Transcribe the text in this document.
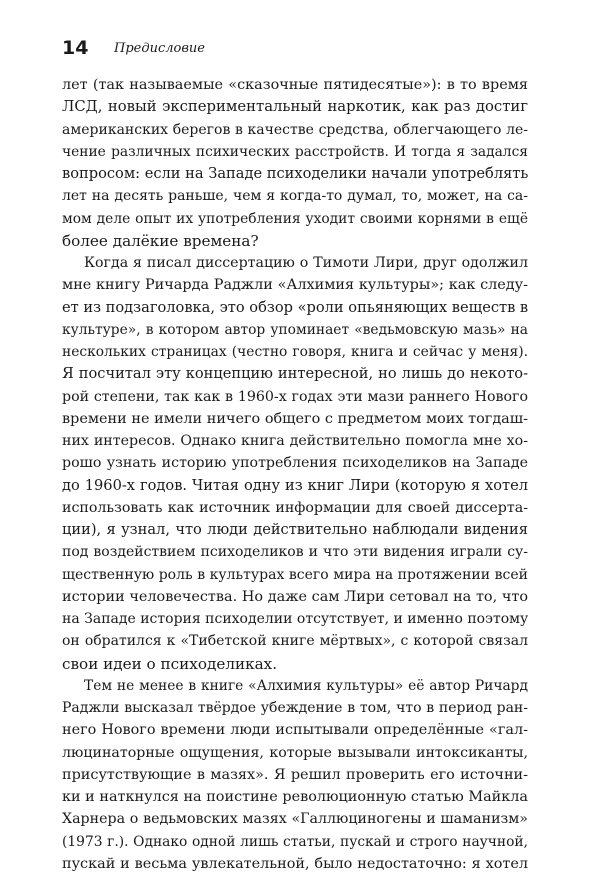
14 Предисловие
лет (так называемые «сказочные пятидесятые»): в то время
ЛСД, новый экспериментальный наркотик, как раз достиг
американских берегов в качестве средства, облегчающего ле-
чение различных психических расстройств. И тогда я задался
вопросом: если на Западе психоделики начали употреблять
лет на десять раньше, чем я когда-то думал, то, может, на са-
мом деле опыт их употребления уходит своими корнями в ещё
более далёкие времена?
Когда я писал диссертацию о Тимоти Лири, друг одолжил
мне книгу Ричарда Раджли «Алхимия культуры»; как следу-
ет из подзаголовка, это обзор «роли опьяняющих веществ в
культуре», в котором автор упоминает «ведьмовскую мазь» на
нескольких страницах (честно говоря, книга и сейчас у меня).
Я посчитал эту концепцию интересной, но лишь до некото-
рой степени, так как в 1960-х годах эти мази раннего Нового
времени не имели ничего общего с предметом моих тогдаш-
них интересов. Однако книга действительно помогла мне хо-
рошо узнать историю употребления психоделиков на Западе
до 1960-х годов. Читая одну из книг Лири (которую я хотел
использовать как источник информации для своей диссерта-
ции), я узнал, что люди действительно наблюдали видения
под воздействием психоделиков и что эти видения играли су-
щественную роль в культурах всего мира на протяжении всей
истории человечества. Но даже сам Лири сетовал на то, что
на Западе история психоделии отсутствует, и именно поэтому
он обратился к «Тибетской книге мёртвых», с которой связал
свои идеи о психоделиках.
Тем не менее в книге «Алхимия культуры» её автор Ричард
Раджли высказал твёрдое убеждение в том, что в период ран-
него Нового времени люди испытывали определённые «гал-
люцинаторные ощущения, которые вызывали интоксиканты,
присутствующие в мазях». Я решил проверить его источни-
ки и наткнулся на поистине революционную статью Майкла
Харнера о ведьмовских мазях «Галлюциногены и шаманизм»
(1973 г.). Однако одной лишь статьи, пускай и строго научной,
пускай и весьма увлекательной, было недостаточно: я хотел
